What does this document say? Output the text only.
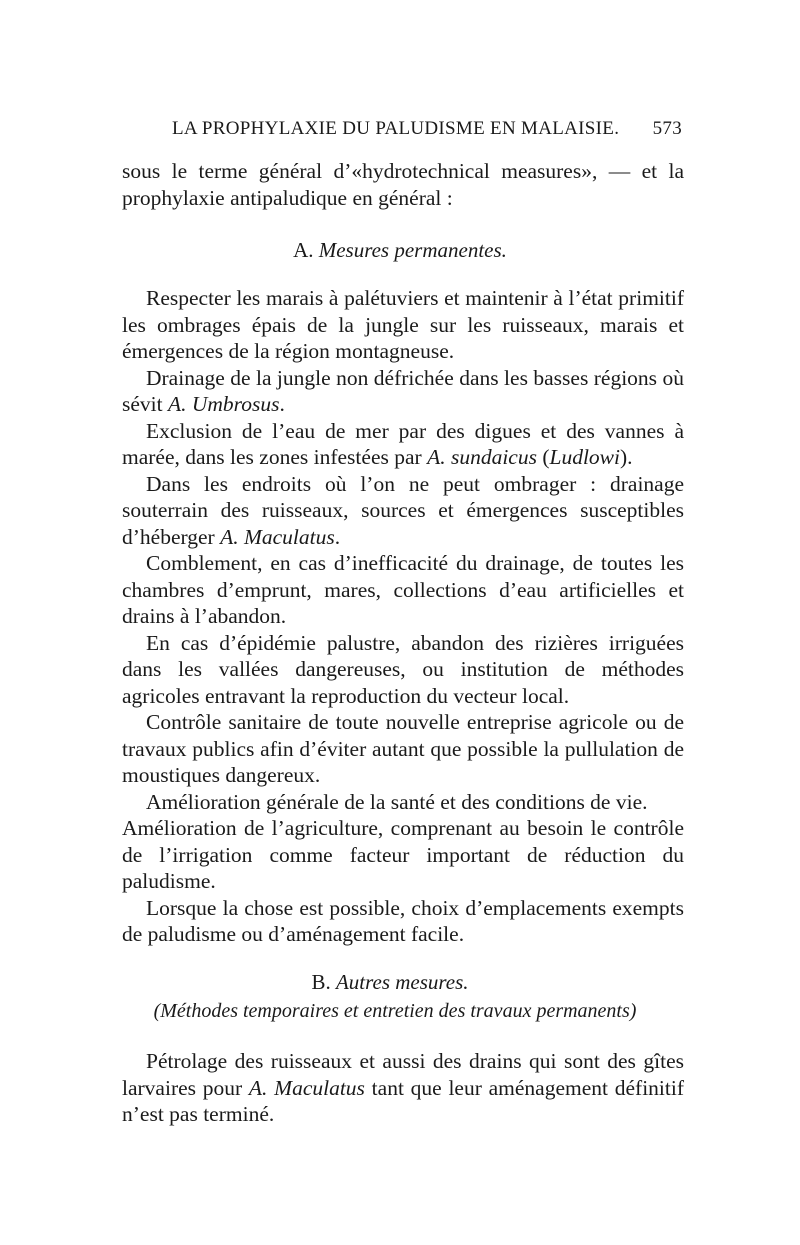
LA PROPHYLAXIE DU PALUDISME EN MALAISIE. 573

sous le terme général d’«hydrotechnical measures», — et la prophylaxie antipaludique en général :

A. Mesures permanentes.

Respecter les marais à palétuviers et maintenir à l’état primitif les ombrages épais de la jungle sur les ruisseaux, marais et émergences de la région montagneuse.

Drainage de la jungle non défrichée dans les basses régions où sévit A. Umbrosus.

Exclusion de l’eau de mer par des digues et des vannes à marée, dans les zones infestées par A. sundaicus (Ludlowi).

Dans les endroits où l’on ne peut ombrager : drainage souterrain des ruisseaux, sources et émergences susceptibles d’héberger A. Maculatus.

Comblement, en cas d’inefficacité du drainage, de toutes les chambres d’emprunt, mares, collections d’eau artificielles et drains à l’abandon.

En cas d’épidémie palustre, abandon des rizières irriguées dans les vallées dangereuses, ou institution de méthodes agricoles entravant la reproduction du vecteur local.

Contrôle sanitaire de toute nouvelle entreprise agricole ou de travaux publics afin d’éviter autant que possible la pullulation de moustiques dangereux.

Amélioration générale de la santé et des conditions de vie.

Amélioration de l’agriculture, comprenant au besoin le contrôle de l’irrigation comme facteur important de réduction du paludisme.

Lorsque la chose est possible, choix d’emplacements exempts de paludisme ou d’aménagement facile.

B. Autres mesures.
(Méthodes temporaires et entretien des travaux permanents)

Pétrolage des ruisseaux et aussi des drains qui sont des gîtes larvaires pour A. Maculatus tant que leur aménagement définitif n’est pas terminé.
